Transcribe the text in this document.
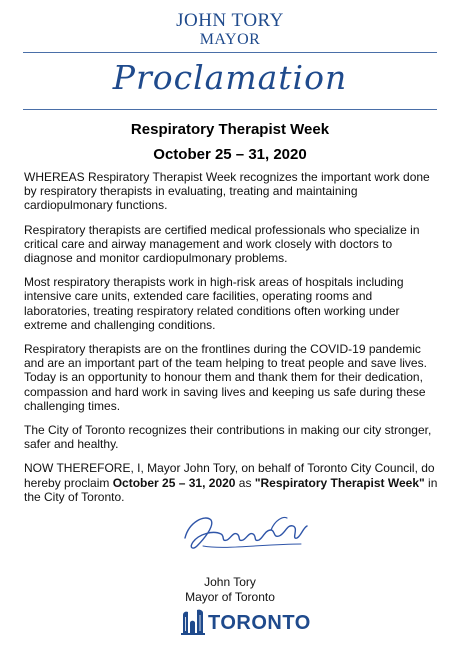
JOHN TORY
MAYOR
Proclamation
Respiratory Therapist Week
October 25 – 31, 2020

WHEREAS Respiratory Therapist Week recognizes the important work done by respiratory therapists in evaluating, treating and maintaining cardiopulmonary functions.

Respiratory therapists are certified medical professionals who specialize in critical care and airway management and work closely with doctors to diagnose and monitor cardiopulmonary problems.

Most respiratory therapists work in high-risk areas of hospitals including intensive care units, extended care facilities, operating rooms and laboratories, treating respiratory related conditions often working under extreme and challenging conditions.

Respiratory therapists are on the frontlines during the COVID-19 pandemic and are an important part of the team helping to treat people and save lives. Today is an opportunity to honour them and thank them for their dedication, compassion and hard work in saving lives and keeping us safe during these challenging times.

The City of Toronto recognizes their contributions in making our city stronger, safer and healthy.

NOW THEREFORE, I, Mayor John Tory, on behalf of Toronto City Council, do hereby proclaim October 25 – 31, 2020 as "Respiratory Therapist Week" in the City of Toronto.

John Tory
Mayor of Toronto
TORONTO
